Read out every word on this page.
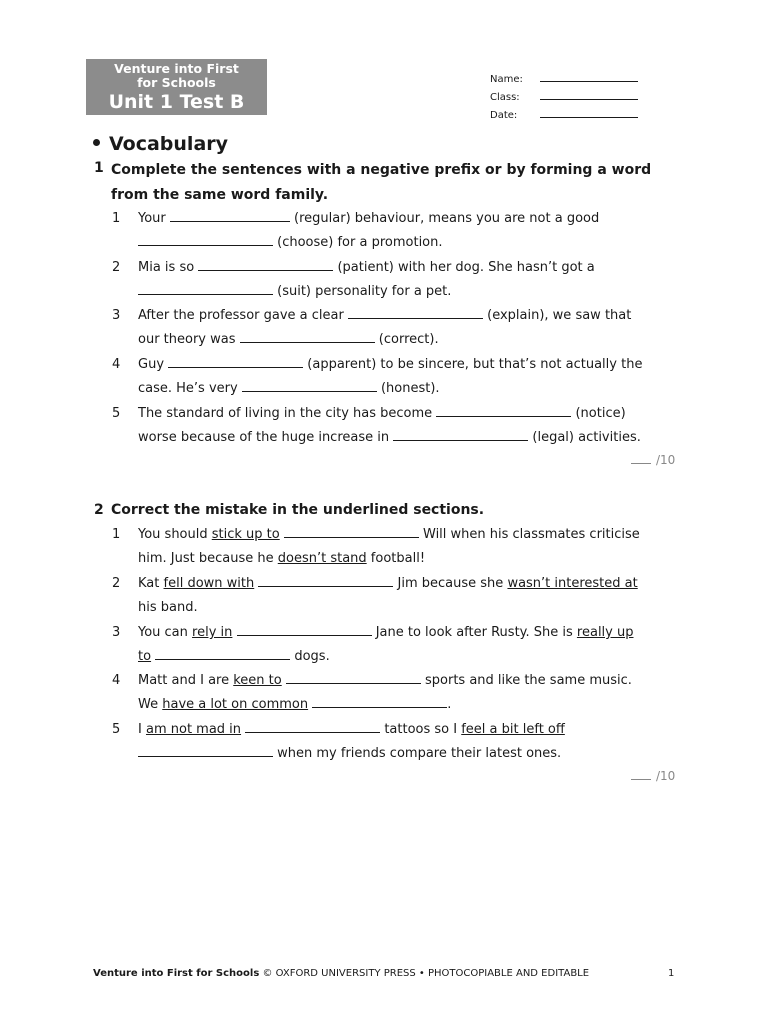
Venture into First
for Schools
Unit 1 Test B
Name:
Class:
Date:
Vocabulary
1 Complete the sentences with a negative prefix or by forming a word
from the same word family.
1 Your	(regular) behaviour, means you are not a good
(choose) for a promotion.
2 Mia is so	(patient) with her dog. She hasn’t got a
(suit) personality for a pet.
3 After the professor gave a clear	(explain), we saw that
our theory was	(correct).
4 Guy	(apparent) to be sincere, but that’s not actually the
case. He’s very	(honest).
5 The standard of living in the city has become	(notice)
worse because of the huge increase in	(legal) activities.
/10
2 Correct the mistake in the underlined sections.
1 You should stick up to	Will when his classmates criticise
him. Just because he doesn’t stand football!
2 Kat fell down with	Jim because she wasn’t interested at
his band.
3 You can rely in	Jane to look after Rusty. She is really up
to	dogs.
4 Matt and I are keen to	sports and like the same music.
We have a lot on common	.
5 I am not mad in	tattoos so I feel a bit left off
when my friends compare their latest ones.
/10
Venture into First for Schools © OXFORD UNIVERSITY PRESS • PHOTOCOPIABLE AND EDITABLE	1
